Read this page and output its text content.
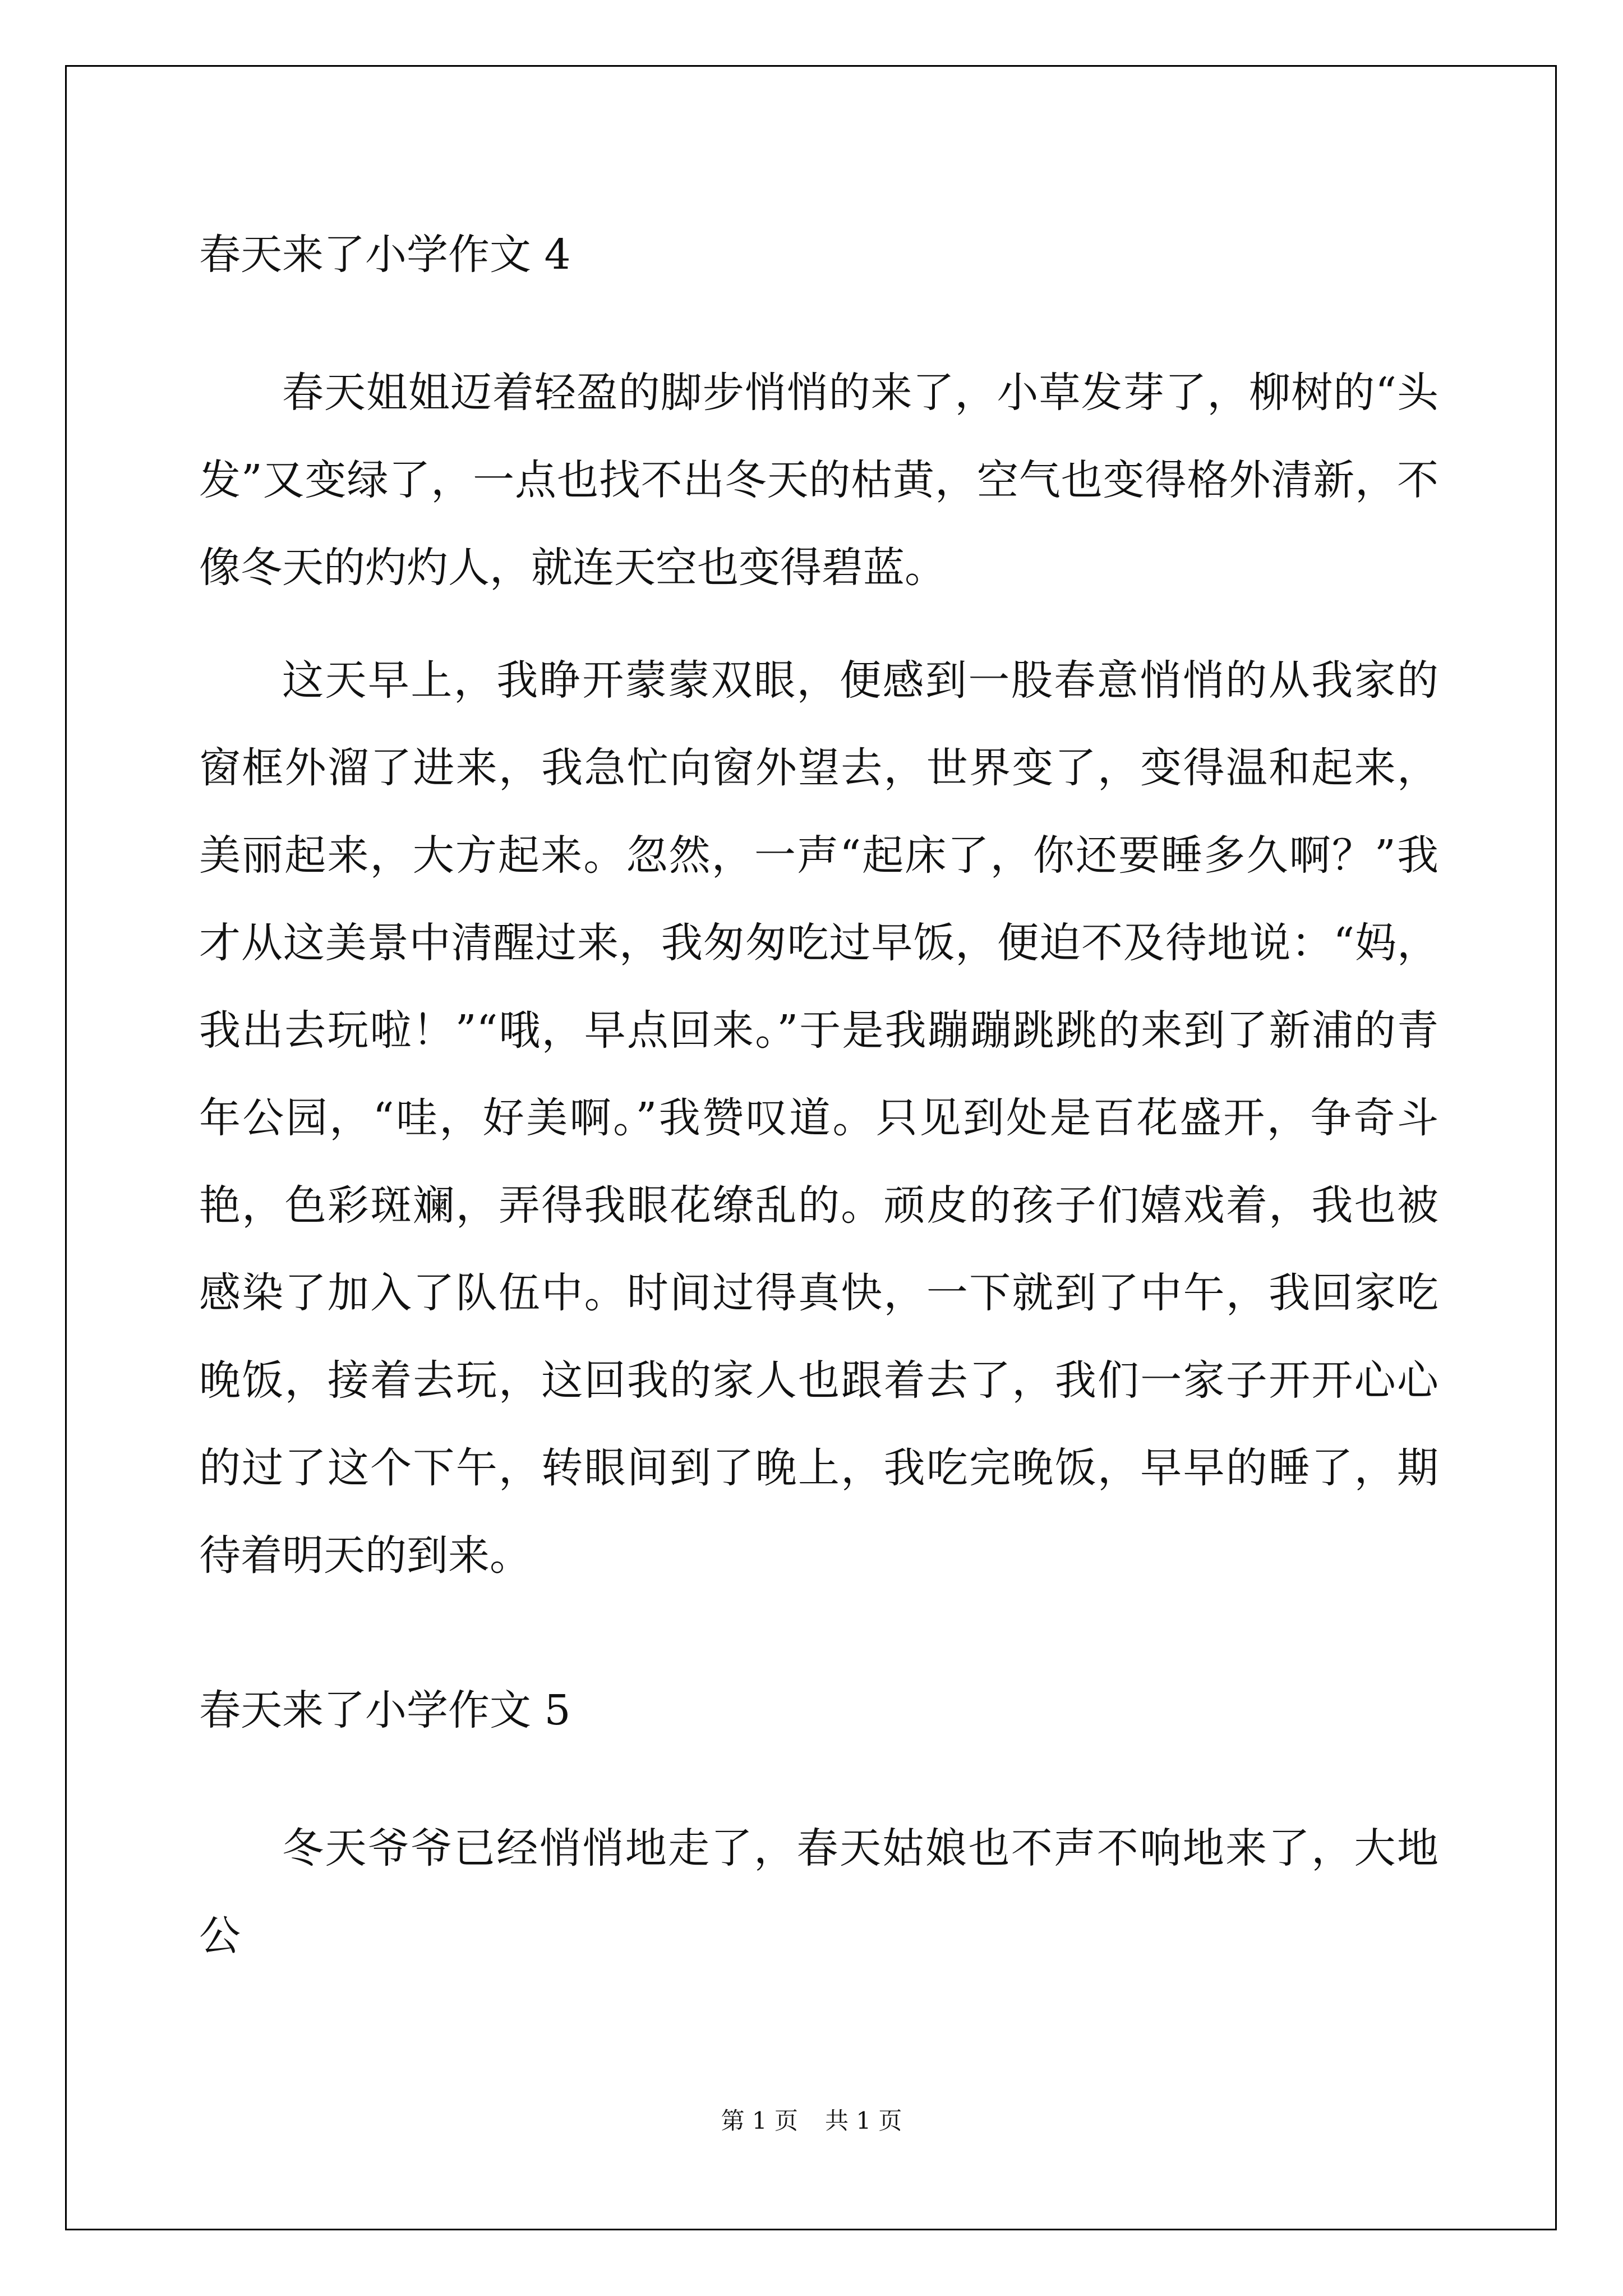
春天来了小学作文 4

春天姐姐迈着轻盈的脚步悄悄的来了，小草发芽了，柳树的“头发”又变绿了，一点也找不出冬天的枯黄，空气也变得格外清新，不像冬天的灼灼人，就连天空也变得碧蓝。

这天早上，我睁开蒙蒙双眼，便感到一股春意悄悄的从我家的窗框外溜了进来，我急忙向窗外望去，世界变了，变得温和起来，美丽起来，大方起来。忽然，一声“起床了，你还要睡多久啊？”我才从这美景中清醒过来，我匆匆吃过早饭，便迫不及待地说：“妈，我出去玩啦！”“哦，早点回来。”于是我蹦蹦跳跳的来到了新浦的青年公园，“哇，好美啊。”我赞叹道。只见到处是百花盛开，争奇斗艳，色彩斑斓，弄得我眼花缭乱的。顽皮的孩子们嬉戏着，我也被感染了加入了队伍中。时间过得真快，一下就到了中午，我回家吃晚饭，接着去玩，这回我的家人也跟着去了，我们一家子开开心心的过了这个下午，转眼间到了晚上，我吃完晚饭，早早的睡了，期待着明天的到来。

春天来了小学作文 5

冬天爷爷已经悄悄地走了，春天姑娘也不声不响地来了，大地公

第 1 页 共 1 页
